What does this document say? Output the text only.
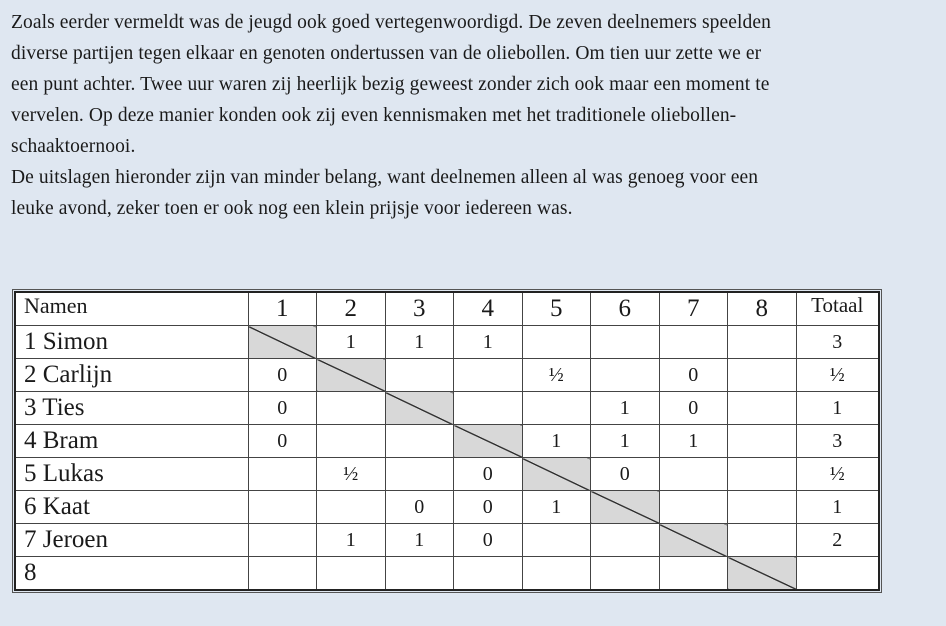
Zoals eerder vermeldt was de jeugd ook goed vertegenwoordigd. De zeven deelnemers speelden
diverse partijen tegen elkaar en genoten ondertussen van de oliebollen. Om tien uur zette we er
een punt achter. Twee uur waren zij heerlijk bezig geweest zonder zich ook maar een moment te
vervelen. Op deze manier konden ook zij even kennismaken met het traditionele oliebollen-
schaaktoernooi.

De uitslagen hieronder zijn van minder belang, want deelnemen alleen al was genoeg voor een
leuke avond, zeker toen er ook nog een klein prijsje voor iedereen was.

Namen	1	2	3	4	5	6	7	8	Totaal
1 Simon		1	1	1					3
2 Carlijn	0				½		0		½
3 Ties	0					1	0		1
4 Bram	0				1	1	1		3
5 Lukas		½		0		0			½
6 Kaat			0	0	1				1
7 Jeroen		1	1	0					2
8									
